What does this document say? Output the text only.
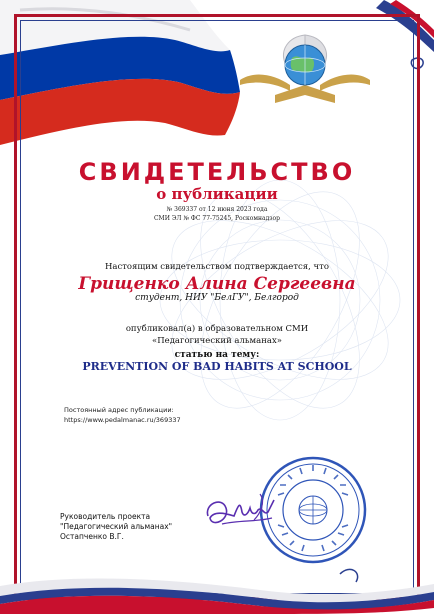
СВИДЕТЕЛЬСТВО
о публикации
№ 369337 от 12 июня 2023 года
СМИ ЭЛ № ФС 77-75245, Роскомнадзор
Настоящим свидетельством подтверждается, что
Грищенко Алина Сергеевна
студент, НИУ "БелГУ", Белгород
опубликовал(а) в образовательном СМИ
«Педагогический альманах»
статью на тему:
PREVENTION OF BAD HABITS AT SCHOOL
Постоянный адрес публикации:
https://www.pedalmanac.ru/369337
Руководитель проекта
"Педагогический альманах"
Остапченко В.Г.
